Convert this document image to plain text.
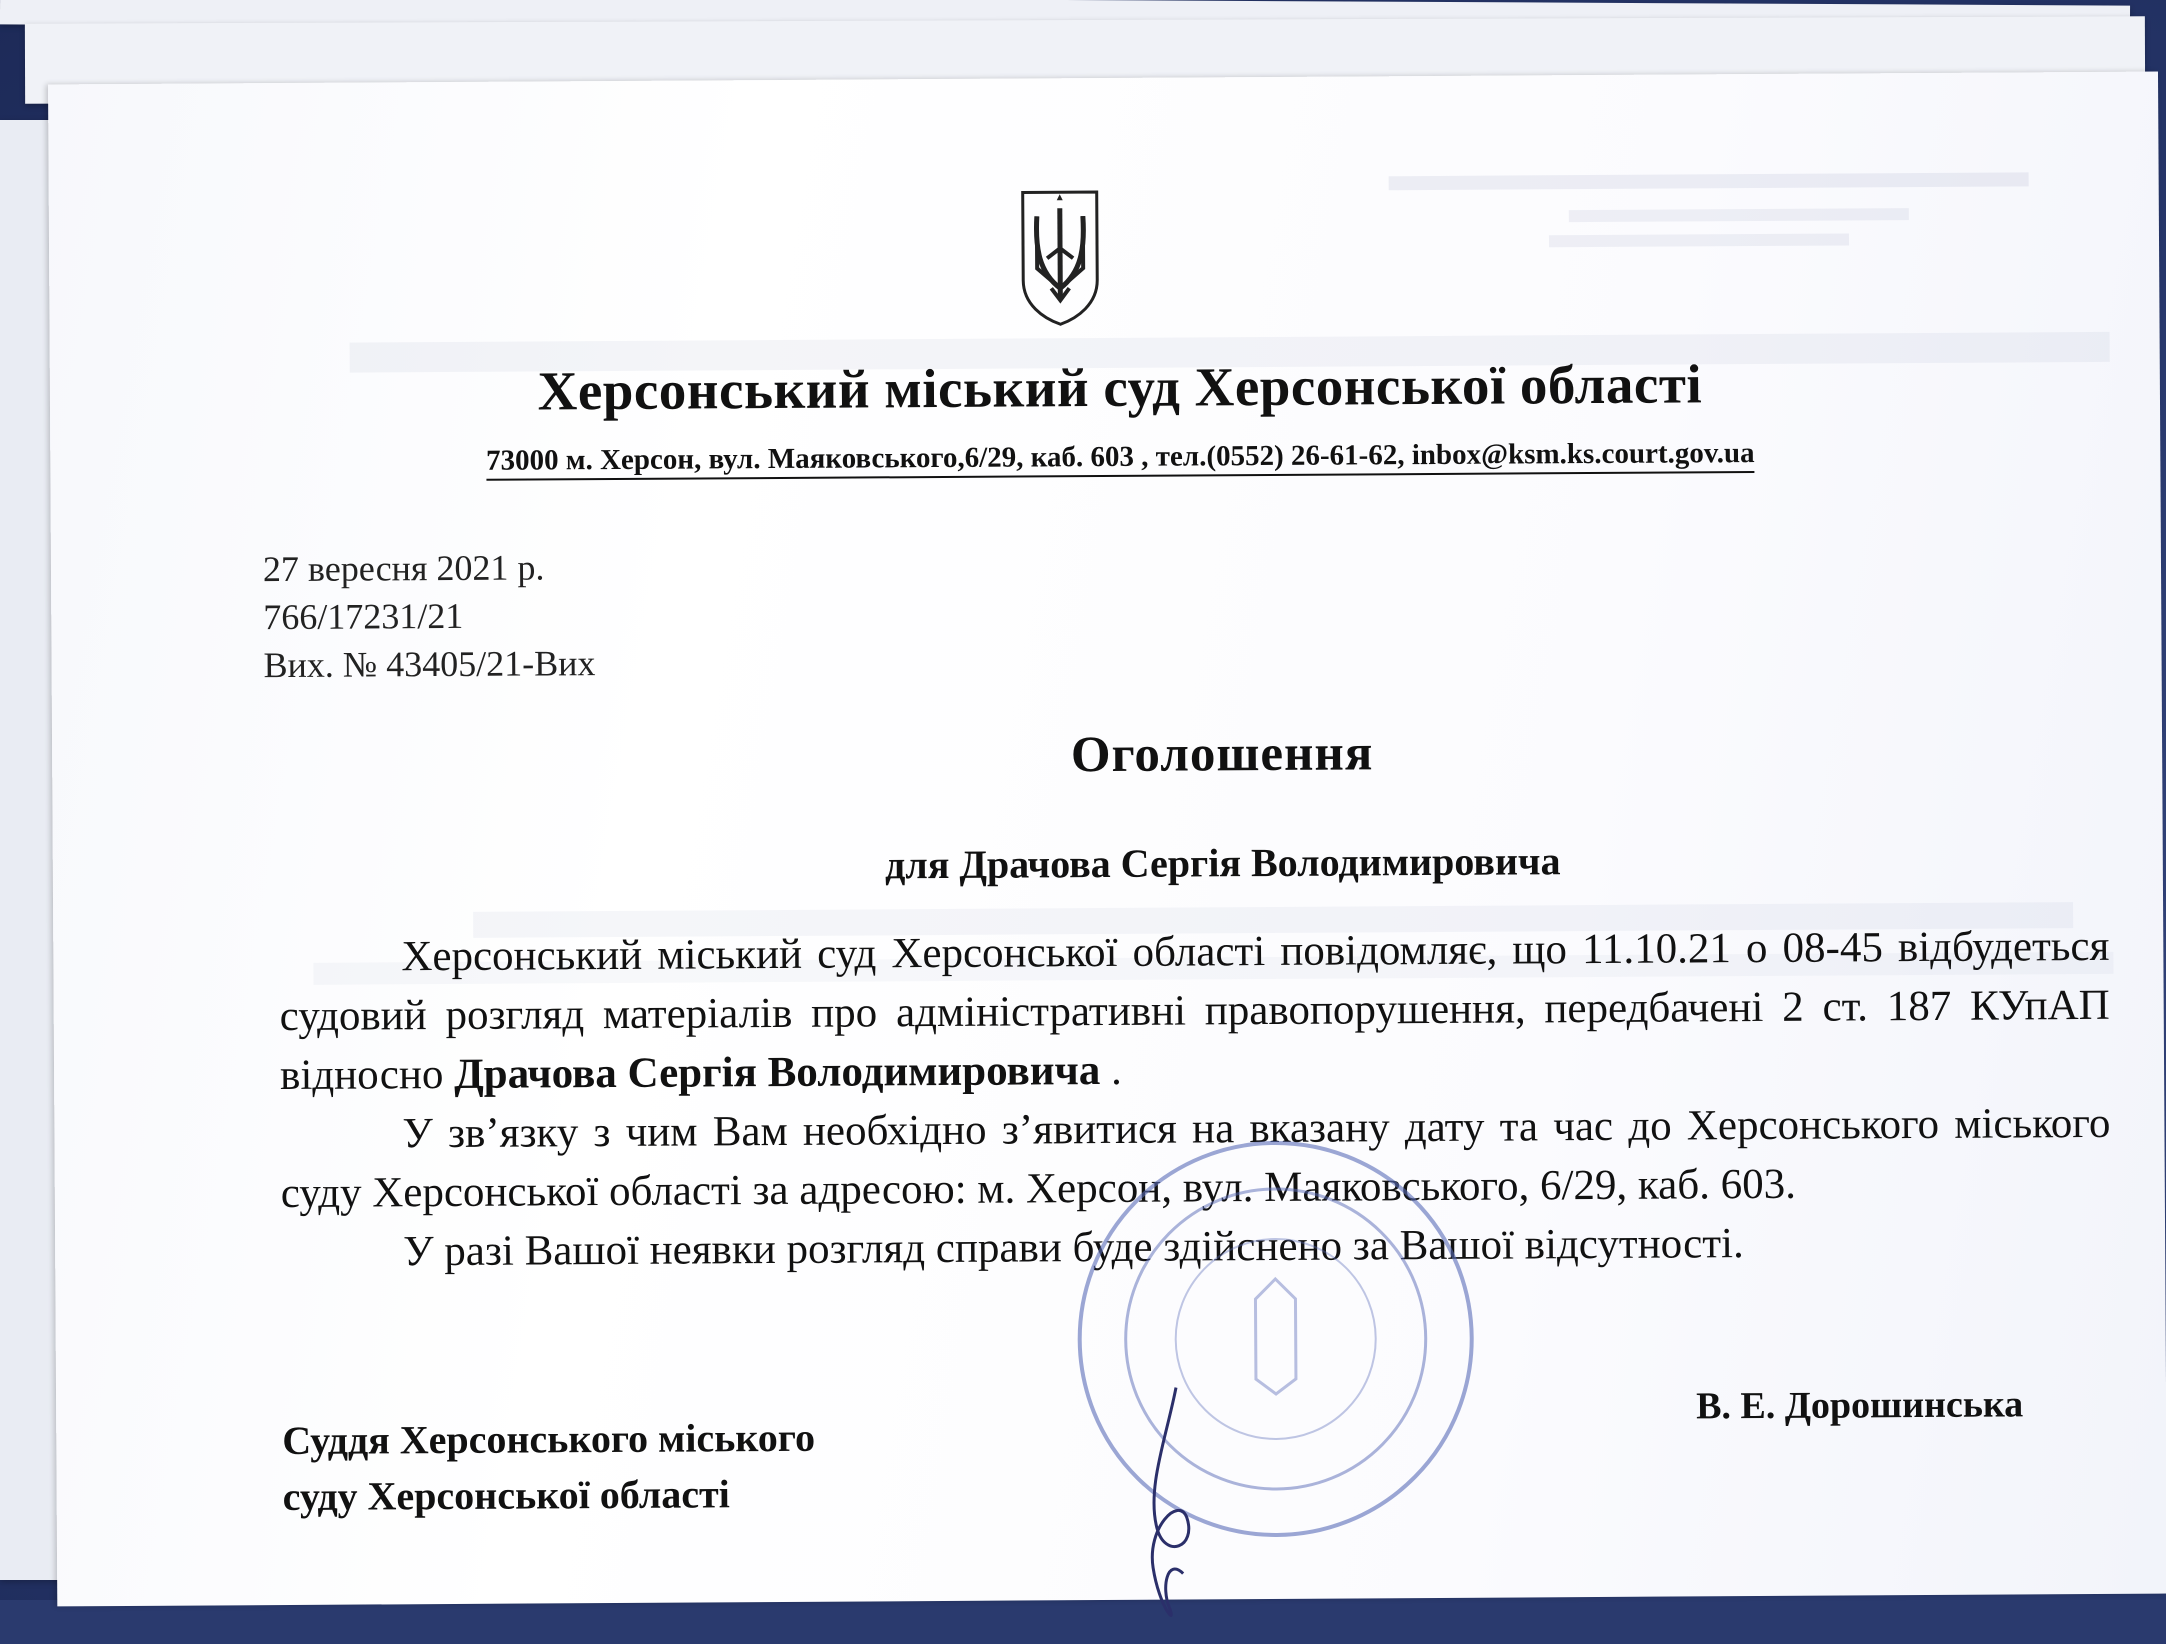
Херсонський міський суд Херсонської області
73000 м. Херсон, вул. Маяковського,6/29, каб. 603 , тел.(0552) 26-61-62, inbox@ksm.ks.court.gov.ua
27 вересня 2021 р.
766/17231/21
Вих. № 43405/21-Вих
Оголошення
для Драчова Сергія Володимировича

Херсонський міський суд Херсонської області повідомляє, що 11.10.21 о 08-45 відбудеться судовий розгляд матеріалів про адміністративні правопорушення, передбачені 2 ст. 187 КУпАП відносно Драчова Сергія Володимировича .

У зв’язку з чим Вам необхідно з’явитися на вказану дату та час до Херсонського міського суду Херсонської області за адресою: м. Херсон, вул. Маяковського, 6/29, каб. 603.

У разі Вашої неявки розгляд справи буде здійснено за Вашої відсутності.

Суддя Херсонського міського
суду Херсонської області
В. Е. Дорошинська
